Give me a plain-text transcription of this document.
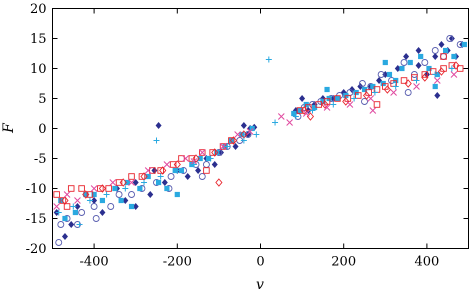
-400	-200	0	200	400
-20
-15
-10
-5
0
5
10
15
20
v
F
